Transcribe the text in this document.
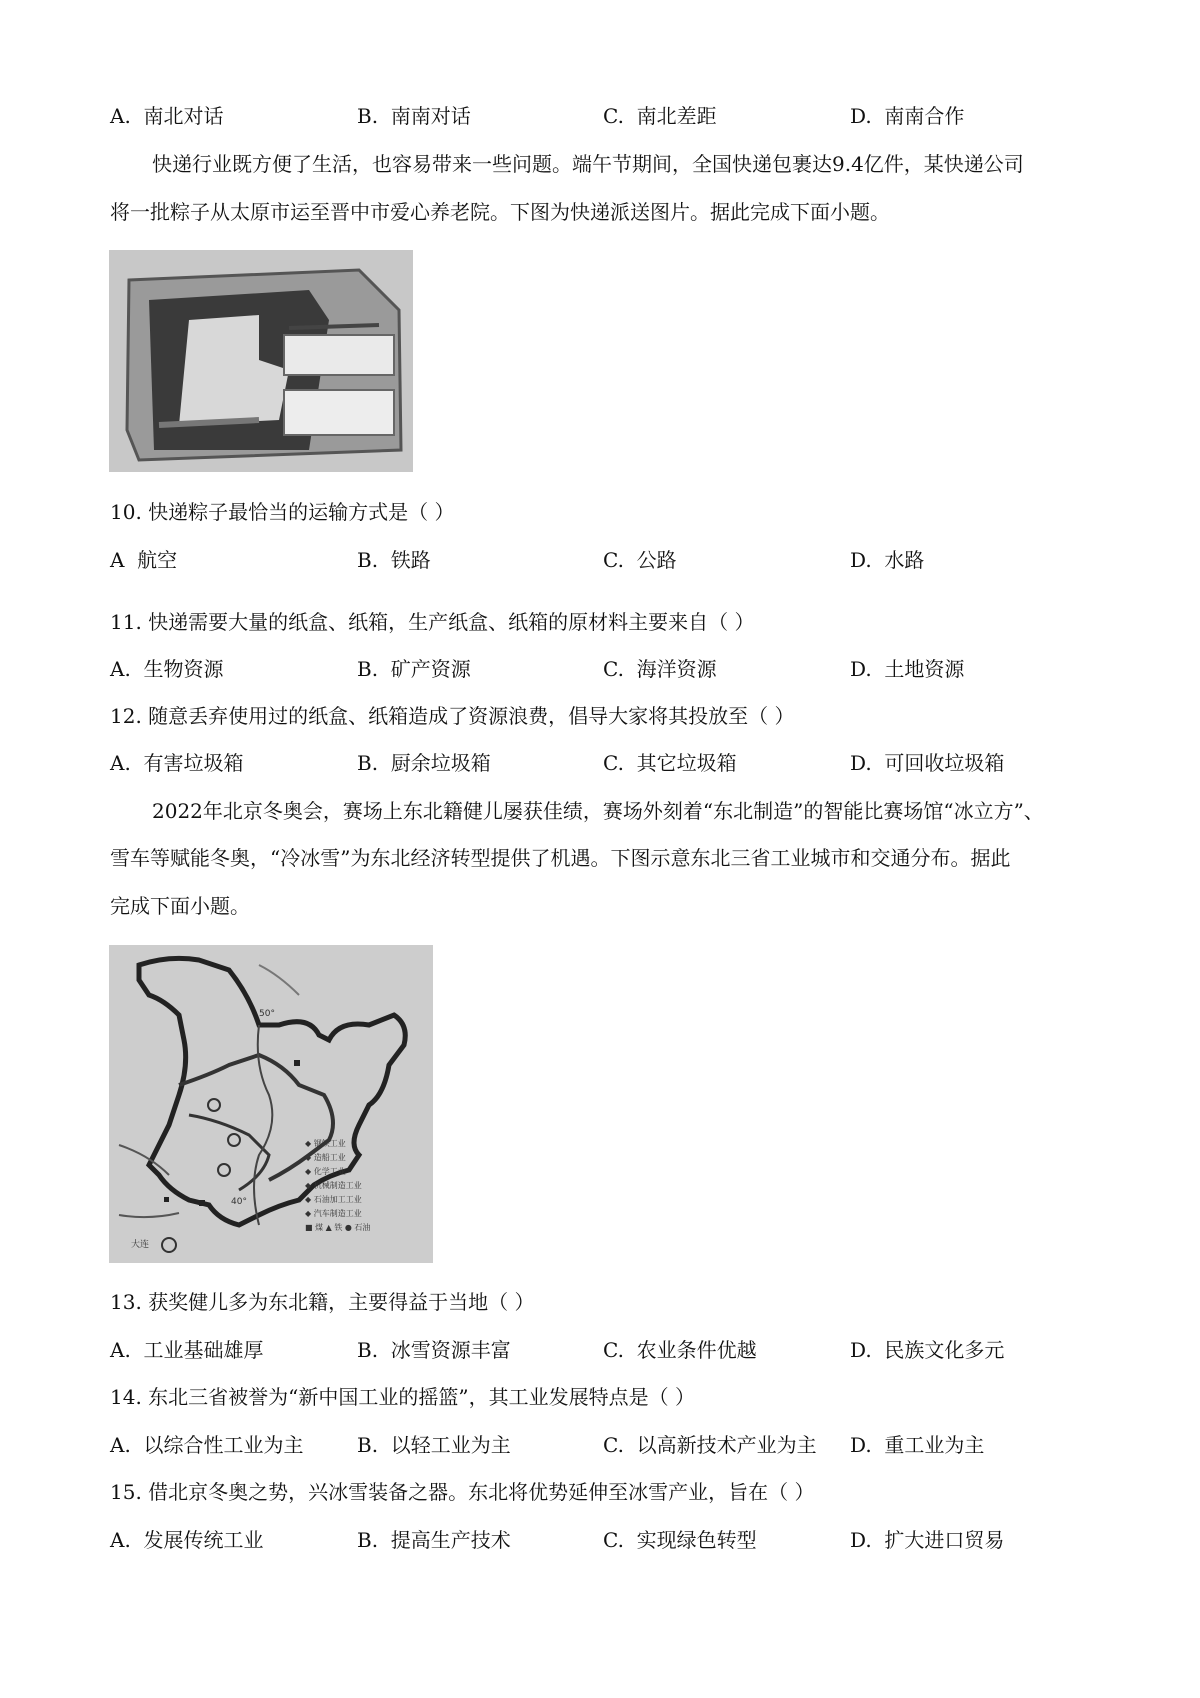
A. 南北对话	B. 南南对话	C. 南北差距	D. 南南合作
快递行业既方便了生活，也容易带来一些问题。端午节期间，全国快递包裹达9.4亿件，某快递公司
将一批粽子从太原市运至晋中市爱心养老院。下图为快递派送图片。据此完成下面小题。
10. 快递粽子最恰当的运输方式是（ ）
A 航空	B. 铁路	C. 公路	D. 水路
11. 快递需要大量的纸盒、纸箱，生产纸盒、纸箱的原材料主要来自（ ）
A. 生物资源	B. 矿产资源	C. 海洋资源	D. 土地资源
12. 随意丢弃使用过的纸盒、纸箱造成了资源浪费，倡导大家将其投放至（ ）
A. 有害垃圾箱	B. 厨余垃圾箱	C. 其它垃圾箱	D. 可回收垃圾箱
2022年北京冬奥会，赛场上东北籍健儿屡获佳绩，赛场外刻着“东北制造”的智能比赛场馆“冰立方”、
雪车等赋能冬奥，“冷冰雪”为东北经济转型提供了机遇。下图示意东北三省工业城市和交通分布。据此
完成下面小题。
50°
40°
大连
◆ 钢铁工业
◆ 造船工业
◆ 化学工业
◆ 机械制造工业
◆ 石油加工工业
◆ 汽车制造工业
■ 煤 ▲ 铁 ● 石油
13. 获奖健儿多为东北籍，主要得益于当地（ ）
A. 工业基础雄厚	B. 冰雪资源丰富	C. 农业条件优越	D. 民族文化多元
14. 东北三省被誉为“新中国工业的摇篮”，其工业发展特点是（ ）
A. 以综合性工业为主	B. 以轻工业为主	C. 以高新技术产业为主 D. 重工业为主
15. 借北京冬奥之势，兴冰雪装备之器。东北将优势延伸至冰雪产业，旨在（ ）
A. 发展传统工业	B. 提高生产技术	C. 实现绿色转型	D. 扩大进口贸易
